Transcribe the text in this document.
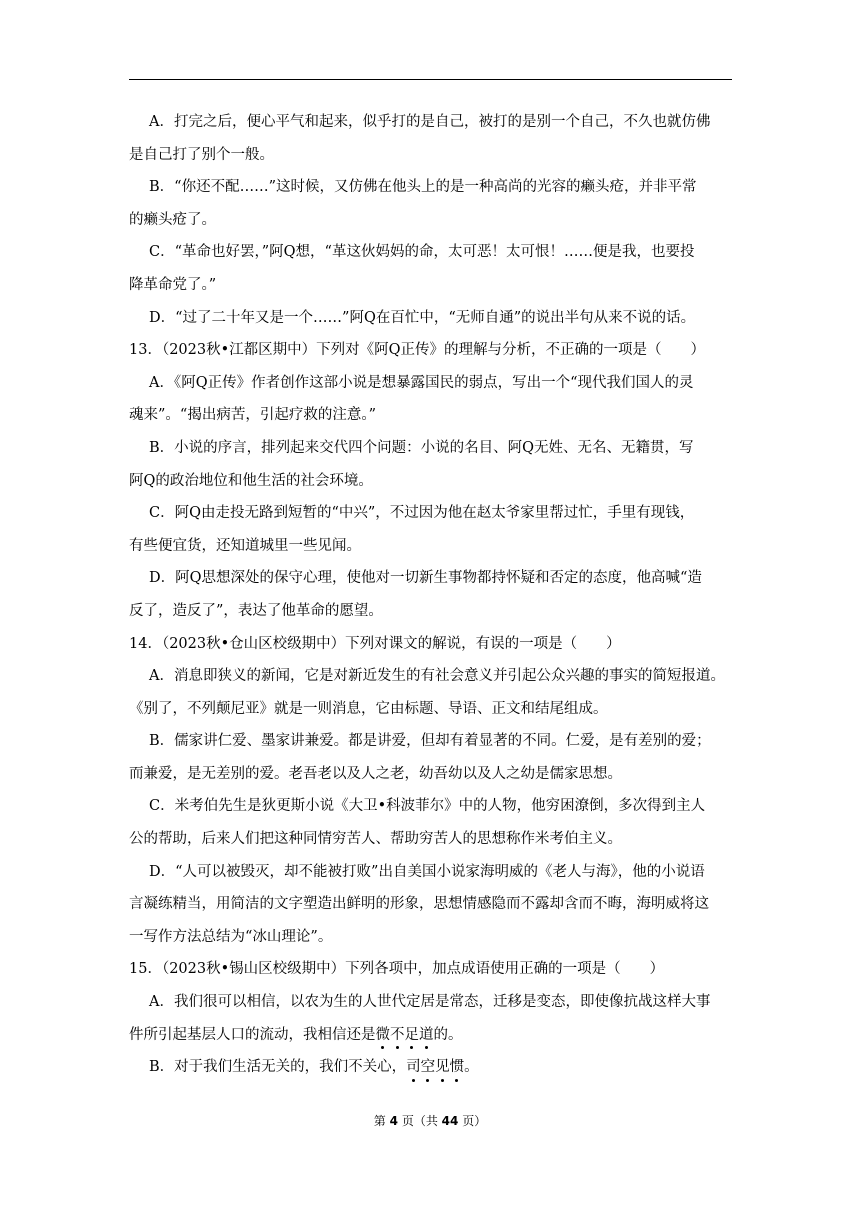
A．打完之后，便心平气和起来，似乎打的是自己，被打的是别一个自己，不久也就仿佛
是自己打了别个一般。
B．“你还不配……”这时候，又仿佛在他头上的是一种高尚的光容的癞头疮，并非平常
的癞头疮了。
C．“革命也好罢，”阿Q想，“革这伙妈妈的命，太可恶！太可恨！……便是我，也要投
降革命党了。”
D．“过了二十年又是一个……”阿Q在百忙中，“无师自通”的说出半句从来不说的话。
13．（2023秋•江都区期中）下列对《阿Q正传》的理解与分析，不正确的一项是（　　）
A．《阿Q正传》作者创作这部小说是想暴露国民的弱点，写出一个“现代我们国人的灵
魂来”。“揭出病苦，引起疗救的注意。”
B．小说的序言，排列起来交代四个问题：小说的名目、阿Q无姓、无名、无籍贯，写
阿Q的政治地位和他生活的社会环境。
C．阿Q由走投无路到短暂的“中兴”，不过因为他在赵太爷家里帮过忙，手里有现钱，
有些便宜货，还知道城里一些见闻。
D．阿Q思想深处的保守心理，使他对一切新生事物都持怀疑和否定的态度，他高喊“造
反了，造反了”，表达了他革命的愿望。
14．（2023秋•仓山区校级期中）下列对课文的解说，有误的一项是（　　）
A．消息即狭义的新闻，它是对新近发生的有社会意义并引起公众兴趣的事实的简短报道。
《别了，不列颠尼亚》就是一则消息，它由标题、导语、正文和结尾组成。
B．儒家讲仁爱、墨家讲兼爱。都是讲爱，但却有着显著的不同。仁爱，是有差别的爱；
而兼爱，是无差别的爱。老吾老以及人之老，幼吾幼以及人之幼是儒家思想。
C．米考伯先生是狄更斯小说《大卫•科波菲尔》中的人物，他穷困潦倒，多次得到主人
公的帮助，后来人们把这种同情穷苦人、帮助穷苦人的思想称作米考伯主义。
D．“人可以被毁灭，却不能被打败”出自美国小说家海明威的《老人与海》，他的小说语
言凝练精当，用简洁的文字塑造出鲜明的形象，思想情感隐而不露却含而不晦，海明威将这
一写作方法总结为“冰山理论”。
15．（2023秋•锡山区校级期中）下列各项中，加点成语使用正确的一项是（　　）
A．我们很可以相信，以农为生的人世代定居是常态，迁移是变态，即使像抗战这样大事
件所引起基层人口的流动，我相信还是微不足道的。
B．对于我们生活无关的，我们不关心，司空见惯。
第 4 页（共 44 页）
